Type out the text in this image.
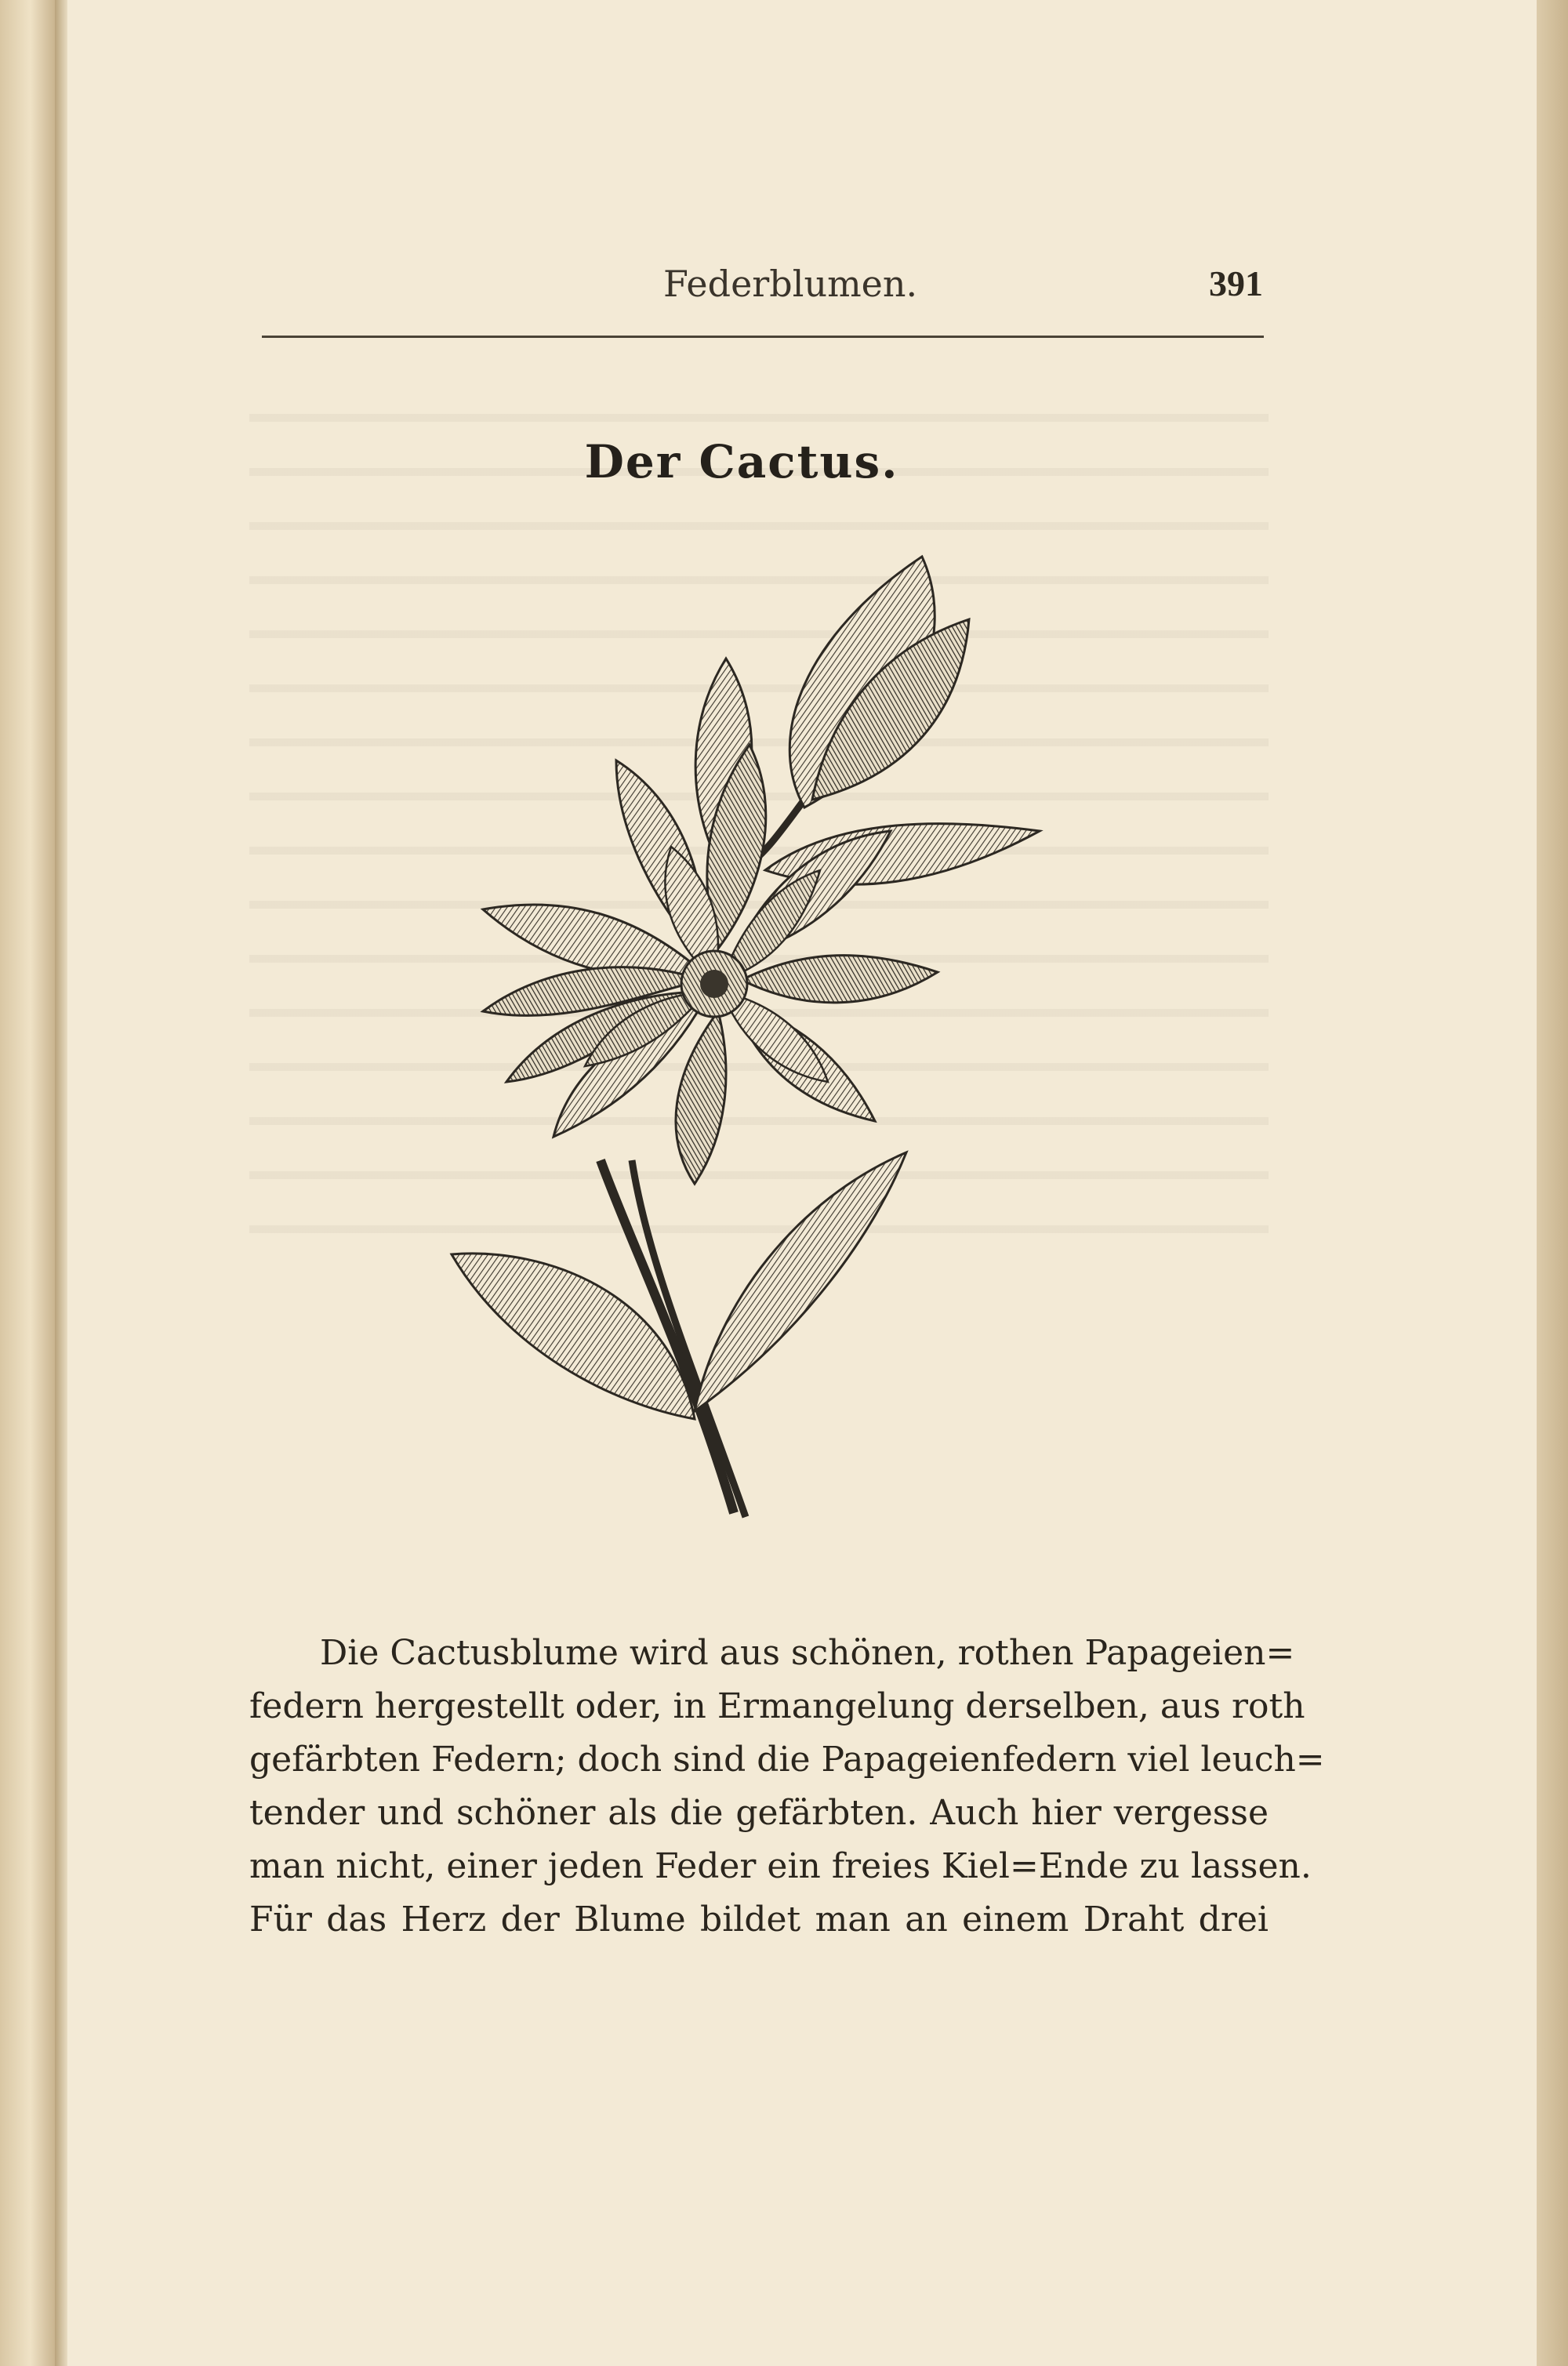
Federblumen.	391
Der Cactus.
Die Cactusblume wird aus schönen, rothen Papageien=
federn hergestellt oder, in Ermangelung derselben, aus roth
gefärbten Federn; doch sind die Papageienfedern viel leuch=
tender und schöner als die gefärbten. Auch hier vergesse
man nicht, einer jeden Feder ein freies Kiel=Ende zu lassen.
Für das Herz der Blume bildet man an einem Draht drei
